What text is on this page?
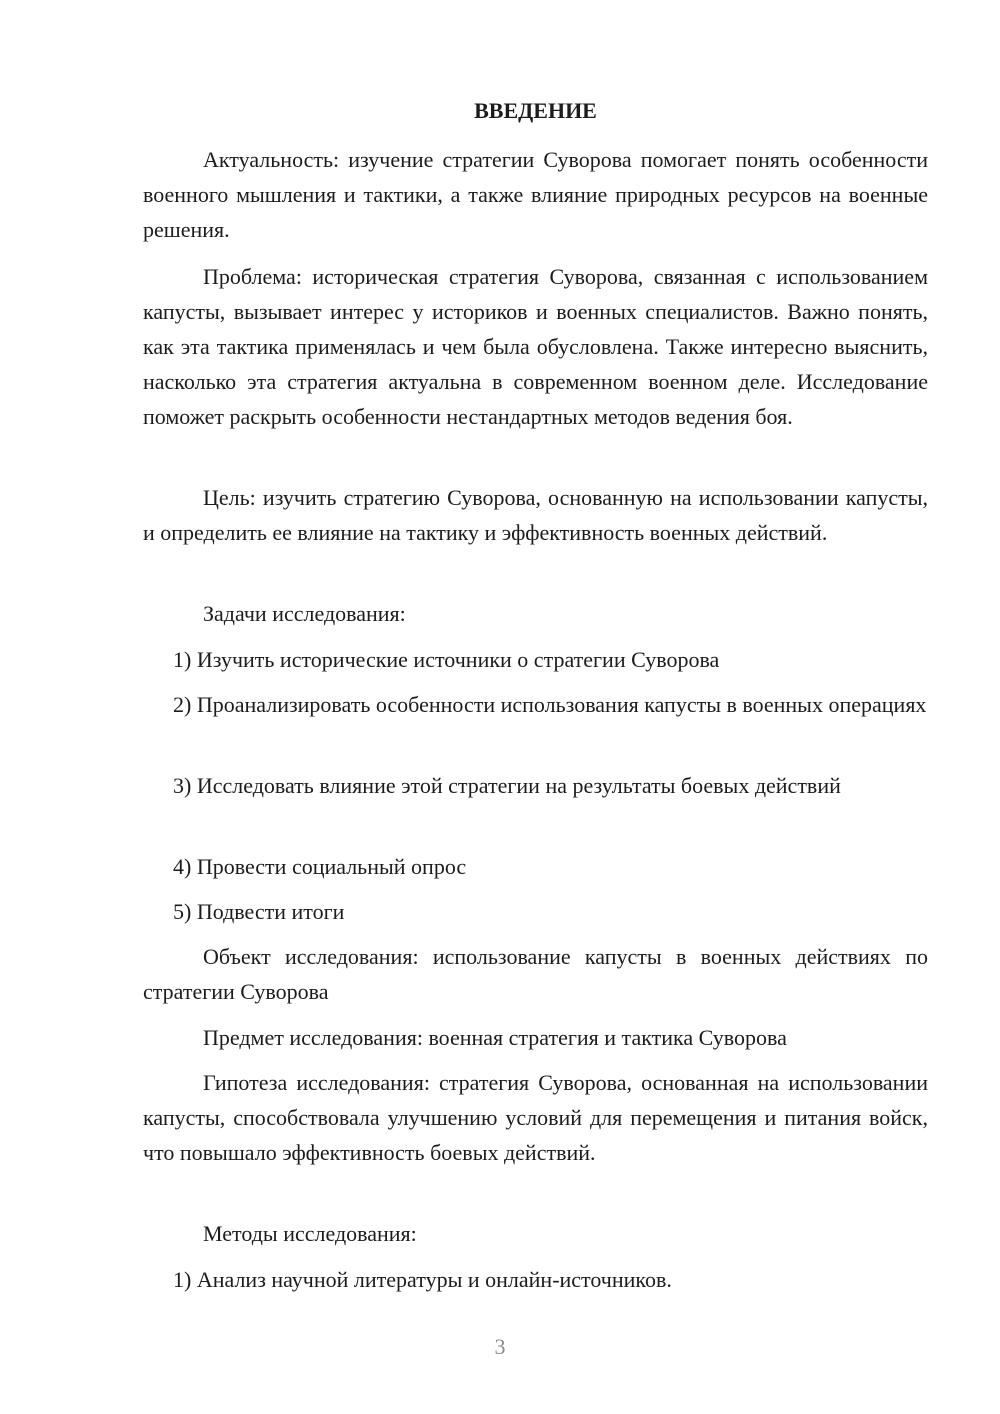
ВВЕДЕНИЕ

Актуальность: изучение стратегии Суворова помогает понять особенности военного мышления и тактики, а также влияние природных ресурсов на военные решения.

Проблема: историческая стратегия Суворова, связанная с использованием капусты, вызывает интерес у историков и военных специалистов. Важно понять, как эта тактика применялась и чем была обусловлена. Также интересно выяснить, насколько эта стратегия актуальна в современном военном деле. Исследование поможет раскрыть особенности нестандартных методов ведения боя.

Цель: изучить стратегию Суворова, основанную на использовании капусты, и определить ее влияние на тактику и эффективность военных действий.

Задачи исследования:

1) Изучить исторические источники о стратегии Суворова

2) Проанализировать особенности использования капусты в военных операциях

3) Исследовать влияние этой стратегии на результаты боевых действий

4) Провести социальный опрос

5) Подвести итоги

Объект исследования: использование капусты в военных действиях по стратегии Суворова

Предмет исследования: военная стратегия и тактика Суворова

Гипотеза исследования: стратегия Суворова, основанная на использовании капусты, способствовала улучшению условий для перемещения и питания войск, что повышало эффективность боевых действий.

Методы исследования:

1) Анализ научной литературы и онлайн-источников.

3
